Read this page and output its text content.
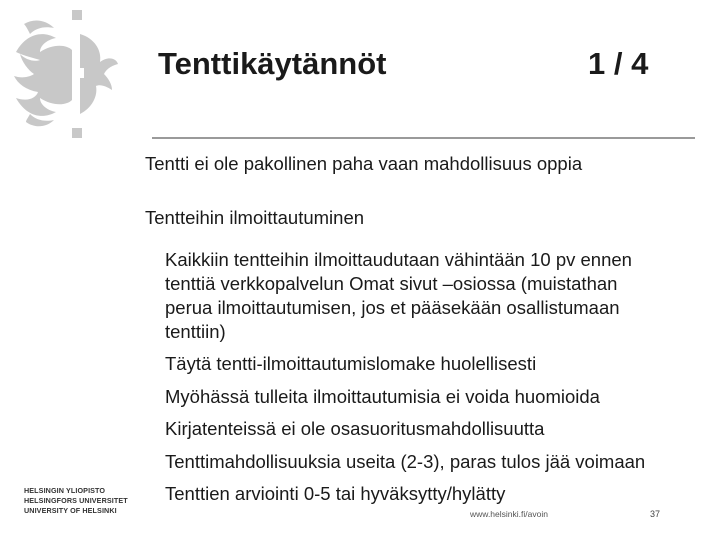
Tenttikäytännöt	1 / 4
Tentti ei ole pakollinen paha vaan mahdollisuus oppia
Tentteihin ilmoittautuminen
Kaikkiin tentteihin ilmoittaudutaan vähintään 10 pv ennen
tenttiä verkkopalvelun Omat sivut –osiossa (muistathan
perua ilmoittautumisen, jos et pääsekään osallistumaan
tenttiin)
Täytä tentti-ilmoittautumislomake huolellisesti
Myöhässä tulleita ilmoittautumisia ei voida huomioida
Kirjatenteissä ei ole osasuoritusmahdollisuutta
Tenttimahdollisuuksia useita (2-3), paras tulos jää voimaan
Tenttien arviointi 0-5 tai hyväksytty/hylätty
HELSINGIN YLIOPISTO
HELSINGFORS UNIVERSITET
UNIVERSITY OF HELSINKI	www.helsinki.fi/avoin	37
